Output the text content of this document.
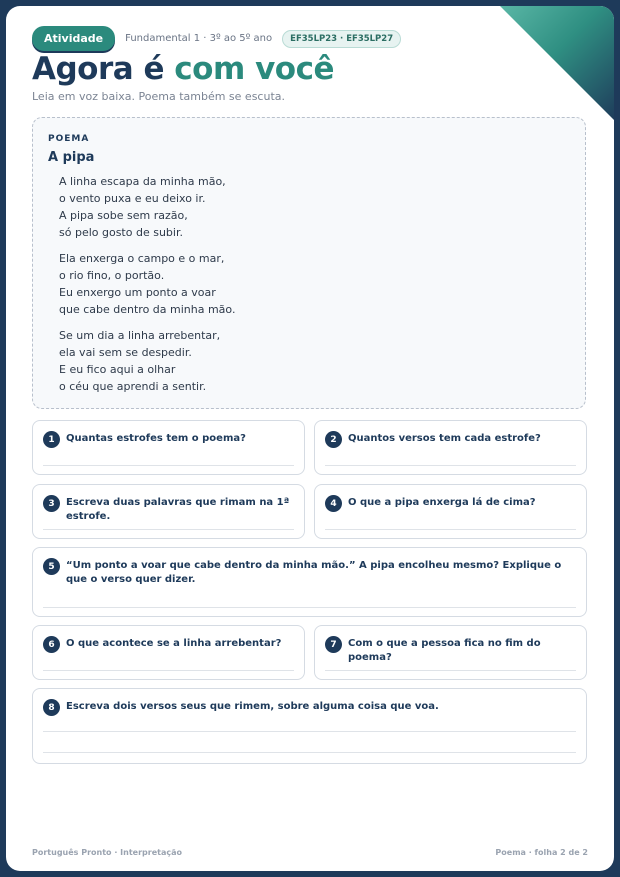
Atividade	Fundamental 1 · 3º ao 5º ano	EF35LP23 · EF35LP27
Agora é com você
Leia em voz baixa. Poema também se escuta.
POEMA
A pipa
A linha escapa da minha mão,
o vento puxa e eu deixo ir.
A pipa sobe sem razão,
só pelo gosto de subir.
Ela enxerga o campo e o mar,
o rio fino, o portão.
Eu enxergo um ponto a voar
que cabe dentro da minha mão.
Se um dia a linha arrebentar,
ela vai sem se despedir.
E eu fico aqui a olhar
o céu que aprendi a sentir.
1	Quantas estrofes tem o poema?	2	Quantos versos tem cada estrofe?
3	Escreva duas palavras que rimam na 1ª estrofe.
4	O que a pipa enxerga lá de cima?
5	“Um ponto a voar que cabe dentro da minha mão.” A pipa encolheu mesmo? Explique o que o verso quer dizer.
6	O que acontece se a linha arrebentar?	7	Com o que a pessoa fica no fim do poema?
8	Escreva dois versos seus que rimem, sobre alguma coisa que voa.
Português Pronto · Interpretação	Poema · folha 2 de 2
